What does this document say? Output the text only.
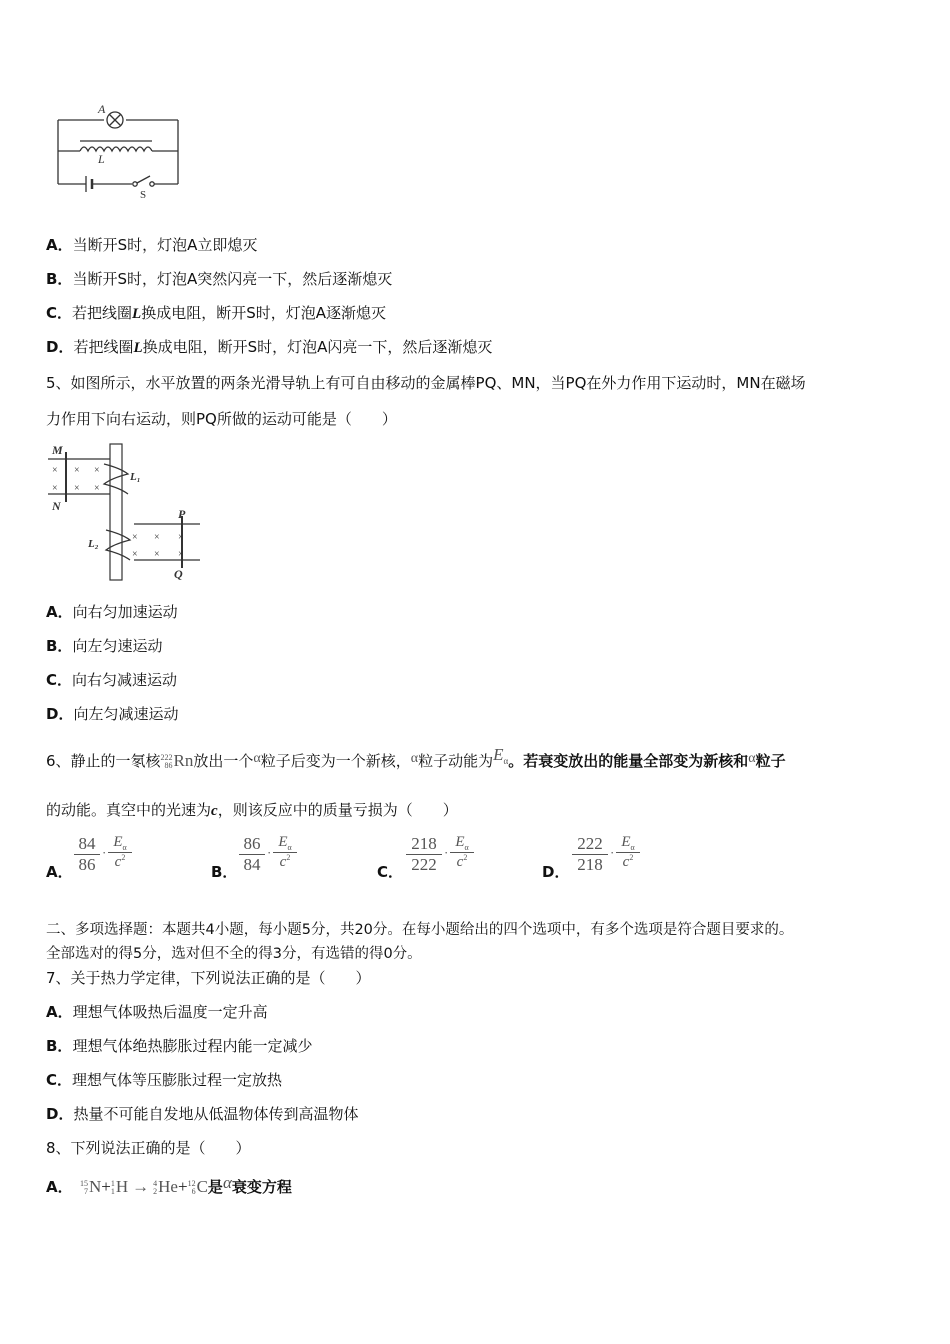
A
L
S
A．当断开S时，灯泡A立即熄灭
B．当断开S时，灯泡A突然闪亮一下，然后逐渐熄灭
C．若把线圈L换成电阻，断开S时，灯泡A逐渐熄灭
D．若把线圈L换成电阻，断开S时，灯泡A闪亮一下，然后逐渐熄灭
5、如图所示，水平放置的两条光滑导轨上有可自由移动的金属棒PQ、MN，当PQ在外力作用下运动时，MN在磁场
力作用下向右运动，则PQ所做的运动可能是（　　）
× × ×
× × ×
× × ×
× × ×
M
N
L₁
L₂
P
Q
A．向右匀加速运动
B．向左匀速运动
C．向右匀减速运动
D．向左匀减速运动
6、静止的一氡核 222
86 Rn放出一个α粒子后变为一个新核，α粒子动能为Eα。若衰变放出的能量全部变为新核和α粒子
的动能。真空中的光速为c，则该反应中的质量亏损为（　　）
A．
84
86
·
$E_\alpha$
$c^2$
B．
86
84
·
$E_\alpha$
$c^2$
C．
218
222
·
$E_\alpha$
$c^2$
D．
222
218
·
$E_\alpha$
$c^2$
二、多项选择题：本题共4小题，每小题5分，共20分。在每小题给出的四个选项中，有多个选项是符合题目要求的。
全部选对的得5分，选对但不全的得3分，有选错的得0分。
7、关于热力学定律，下列说法正确的是（　　）
A．理想气体吸热后温度一定升高
B．理想气体绝热膨胀过程内能一定减少
C．理想气体等压膨胀过程一定放热
D．热量不可能自发地从低温物体传到高温物体
8、下列说法正确的是（　　）
A． 15
7 N+ 1
1 H → 4
2 He+ 12
6 C是α衰变方程
